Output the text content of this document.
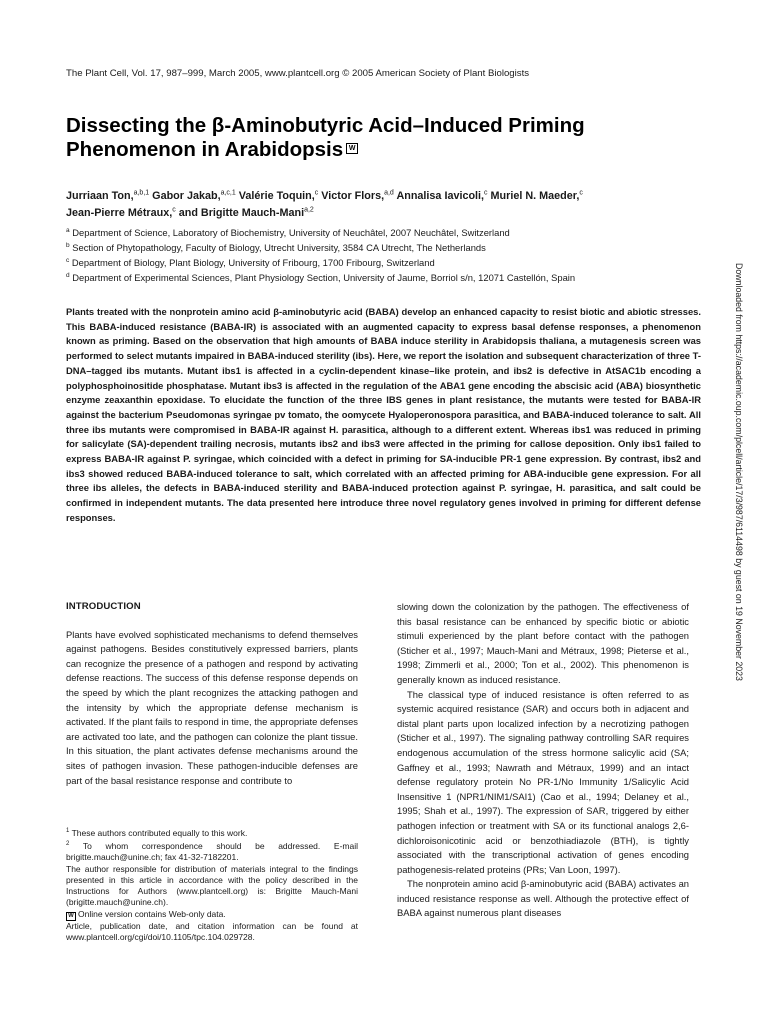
The Plant Cell, Vol. 17, 987–999, March 2005, www.plantcell.org © 2005 American Society of Plant Biologists
Dissecting the β-Aminobutyric Acid–Induced Priming
Phenomenon in Arabidopsis W
Jurriaan Ton,$^{a,b,1}$ Gabor Jakab,$^{a,c,1}$ Valérie Toquin,$^c$ Victor Flors,$^{a,d}$ Annalisa Iavicoli,$^c$ Muriel N. Maeder,$^c$
Jean-Pierre Métraux,$^c$ and Brigitte Mauch-Mani$^{a,2}$
$^a$ Department of Science, Laboratory of Biochemistry, University of Neuchâtel, 2007 Neuchâtel, Switzerland
$^b$ Section of Phytopathology, Faculty of Biology, Utrecht University, 3584 CA Utrecht, The Netherlands
$^c$ Department of Biology, Plant Biology, University of Fribourg, 1700 Fribourg, Switzerland
$^d$ Department of Experimental Sciences, Plant Physiology Section, University of Jaume, Borriol s/n, 12071 Castellón, Spain

Plants treated with the nonprotein amino acid β-aminobutyric acid (BABA) develop an enhanced capacity to resist biotic and abiotic stresses. This BABA-induced resistance (BABA-IR) is associated with an augmented capacity to express basal defense responses, a phenomenon known as priming. Based on the observation that high amounts of BABA induce sterility in Arabidopsis thaliana, a mutagenesis screen was performed to select mutants impaired in BABA-induced sterility (ibs). Here, we report the isolation and subsequent characterization of three T-DNA–tagged ibs mutants. Mutant ibs1 is affected in a cyclin-dependent kinase–like protein, and ibs2 is defective in AtSAC1b encoding a polyphosphoinositide phosphatase. Mutant ibs3 is affected in the regulation of the ABA1 gene encoding the abscisic acid (ABA) biosynthetic enzyme zeaxanthin epoxidase. To elucidate the function of the three IBS genes in plant resistance, the mutants were tested for BABA-IR against the bacterium Pseudomonas syringae pv tomato, the oomycete Hyaloperonospora parasitica, and BABA-induced tolerance to salt. All three ibs mutants were compromised in BABA-IR against H. parasitica, although to a different extent. Whereas ibs1 was reduced in priming for salicylate (SA)-dependent trailing necrosis, mutants ibs2 and ibs3 were affected in the priming for callose deposition. Only ibs1 failed to express BABA-IR against P. syringae, which coincided with a defect in priming for SA-inducible PR-1 gene expression. By contrast, ibs2 and ibs3 showed reduced BABA-induced tolerance to salt, which correlated with an affected priming for ABA-inducible gene expression. For all three ibs alleles, the defects in BABA-induced sterility and BABA-induced protection against P. syringae, H. parasitica, and salt could be confirmed in independent mutants. The data presented here introduce three novel regulatory genes involved in priming for different defense responses.

INTRODUCTION

Plants have evolved sophisticated mechanisms to defend themselves against pathogens. Besides constitutively expressed barriers, plants can recognize the presence of a pathogen and respond by activating defense reactions. The success of this defense response depends on the speed by which the plant recognizes the attacking pathogen and the intensity by which the appropriate defense mechanism is activated. If the plant fails to respond in time, the appropriate defenses are activated too late, and the pathogen can colonize the plant tissue. In this situation, the plant activates defense mechanisms around the sites of pathogen invasion. These pathogen-inducible defenses are part of the basal resistance response and contribute to

$^1$ These authors contributed equally to this work.

$^2$ To whom correspondence should be addressed. E-mail brigitte.mauch@unine.ch; fax 41-32-7182201.

The author responsible for distribution of materials integral to the findings presented in this article in accordance with the policy described in the Instructions for Authors (www.plantcell.org) is: Brigitte Mauch-Mani (brigitte.mauch@unine.ch).

W Online version contains Web-only data.

Article, publication date, and citation information can be found at www.plantcell.org/cgi/doi/10.1105/tpc.104.029728.

slowing down the colonization by the pathogen. The effectiveness of this basal resistance can be enhanced by specific biotic or abiotic stimuli experienced by the plant before contact with the pathogen (Sticher et al., 1997; Mauch-Mani and Métraux, 1998; Pieterse et al., 1998; Zimmerli et al., 2000; Ton et al., 2002). This phenomenon is generally known as induced resistance.

The classical type of induced resistance is often referred to as systemic acquired resistance (SAR) and occurs both in adjacent and distal plant parts upon localized infection by a necrotizing pathogen (Sticher et al., 1997). The signaling pathway controlling SAR requires endogenous accumulation of the stress hormone salicylic acid (SA; Gaffney et al., 1993; Nawrath and Métraux, 1999) and an intact defense regulatory protein No PR-1/No Immunity 1/Salicylic Acid Insensitive 1 (NPR1/NIM1/SAI1) (Cao et al., 1994; Delaney et al., 1995; Shah et al., 1997). The expression of SAR, triggered by either pathogen infection or treatment with SA or its functional analogs 2,6-dichloroisonicotinic acid or benzothiadiazole (BTH), is tightly associated with the transcriptional activation of genes encoding pathogenesis-related proteins (PRs; Van Loon, 1997).

The nonprotein amino acid β-aminobutyric acid (BABA) activates an induced resistance response as well. Although the protective effect of BABA against numerous plant diseases

Downloaded from https://academic.oup.com/plcell/article/17/3/987/6114498 by guest on 19 November 2023
